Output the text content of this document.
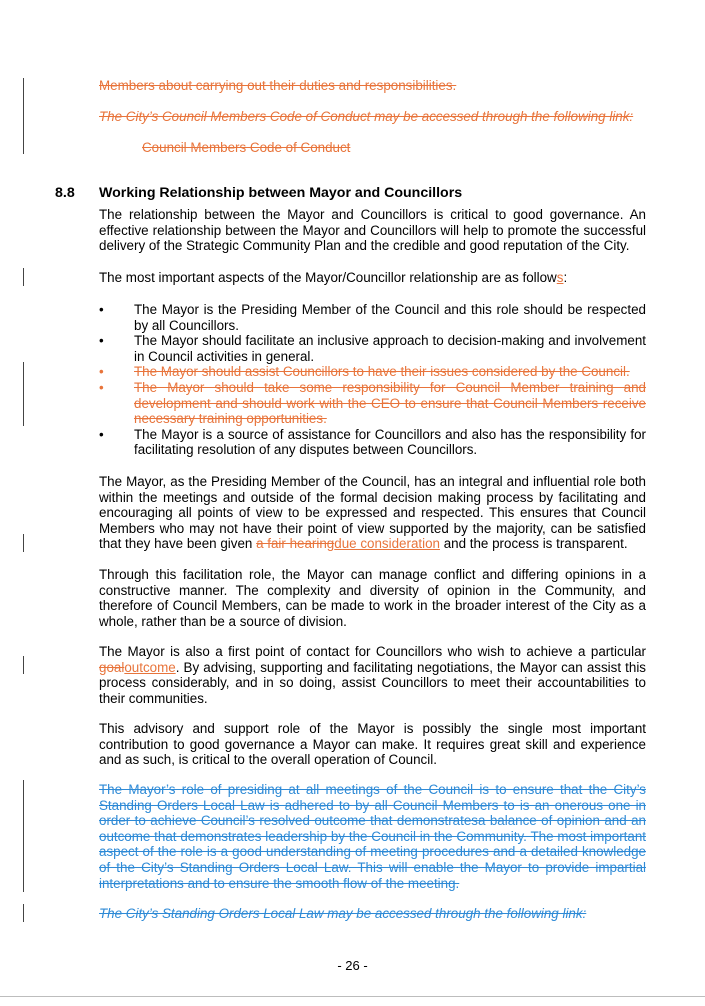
Members about carrying out their duties and responsibilities.
The City’s Council Members Code of Conduct may be accessed through the following link:
Council Members Code of Conduct
8.8 Working Relationship between Mayor and Councillors
The relationship between the Mayor and Councillors is critical to good governance. An effective relationship between the Mayor and Councillors will help to promote the successful delivery of the Strategic Community Plan and the credible and good reputation of the City.
The most important aspects of the Mayor/Councillor relationship are as follows:
• The Mayor is the Presiding Member of the Council and this role should be respected by all Councillors.
• The Mayor should facilitate an inclusive approach to decision-making and involvement in Council activities in general.
• The Mayor should assist Councillors to have their issues considered by the Council.
• The Mayor should take some responsibility for Council Member training and development and should work with the CEO to ensure that Council Members receive necessary training opportunities.
• The Mayor is a source of assistance for Councillors and also has the responsibility for facilitating resolution of any disputes between Councillors.
The Mayor, as the Presiding Member of the Council, has an integral and influential role both within the meetings and outside of the formal decision making process by facilitating and encouraging all points of view to be expressed and respected. This ensures that Council Members who may not have their point of view supported by the majority, can be satisfied that they have been given a fair hearingdue consideration and the process is transparent.
Through this facilitation role, the Mayor can manage conflict and differing opinions in a constructive manner. The complexity and diversity of opinion in the Community, and therefore of Council Members, can be made to work in the broader interest of the City as a whole, rather than be a source of division.
The Mayor is also a first point of contact for Councillors who wish to achieve a particular goaloutcome. By advising, supporting and facilitating negotiations, the Mayor can assist this process considerably, and in so doing, assist Councillors to meet their accountabilities to their communities.
This advisory and support role of the Mayor is possibly the single most important contribution to good governance a Mayor can make. It requires great skill and experience and as such, is critical to the overall operation of Council.
The Mayor’s role of presiding at all meetings of the Council is to ensure that the City’s Standing Orders Local Law is adhered to by all Council Members to is an onerous one in order to achieve Council’s resolved outcome that demonstratesa balance of opinion and an outcome that demonstrates leadership by the Council in the Community. The most important aspect of the role is a good understanding of meeting procedures and a detailed knowledge of the City’s Standing Orders Local Law. This will enable the Mayor to provide impartial interpretations and to ensure the smooth flow of the meeting.
The City’s Standing Orders Local Law may be accessed through the following link:
- 26 -
